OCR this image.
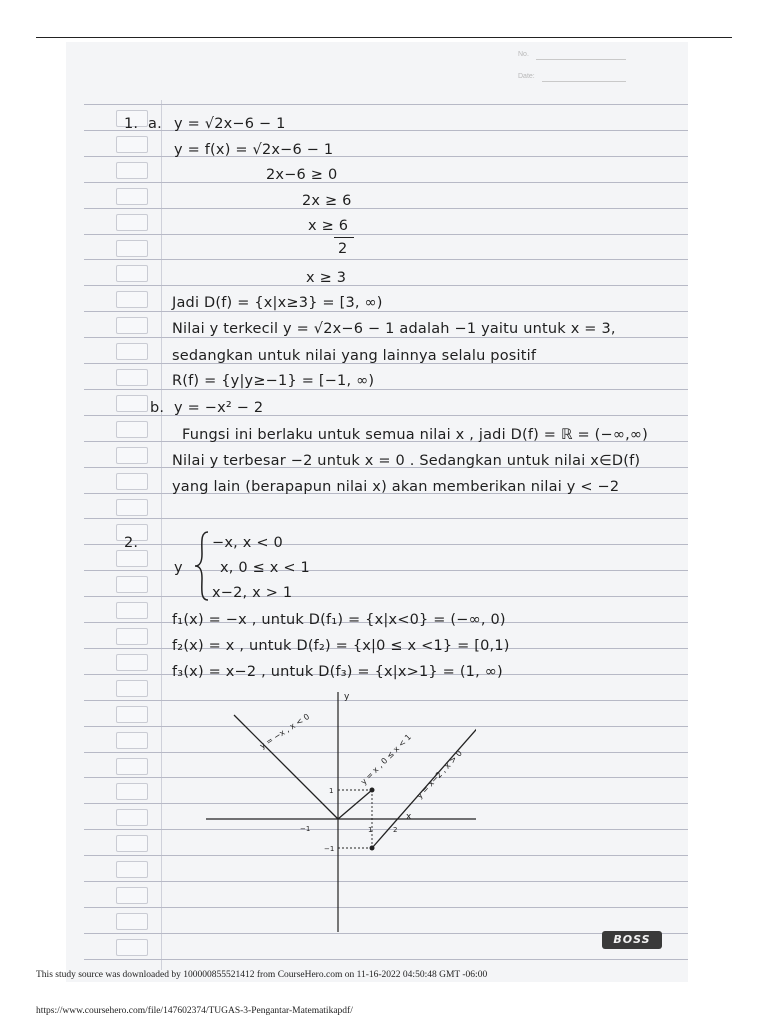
No.
Date:
1. a. y = √2x−6 − 1
y = f(x) = √2x−6 − 1
2x−6 ≥ 0
2x ≥ 6
x ≥ 6
2
x ≥ 3
Jadi D(f) = {x|x≥3} = [3, ∞)
Nilai y terkecil y = √2x−6 − 1 adalah −1 yaitu untuk x = 3,
sedangkan untuk nilai yang lainnya selalu positif
R(f) = {y|y≥−1} = [−1, ∞)
b. y = −x² − 2
Fungsi ini berlaku untuk semua nilai x , jadi D(f) = ℝ = (−∞,∞)
Nilai y terbesar −2 untuk x = 0 . Sedangkan untuk nilai x∈D(f)
yang lain (berapapun nilai x) akan memberikan nilai y < −2
2.
y
−x, x < 0
x, 0 ≤ x < 1
x−2, x > 1
f₁(x) = −x , untuk D(f₁) = {x|x<0} = (−∞, 0)
f₂(x) = x , untuk D(f₂) = {x|0 ≤ x <1} = [0,1)
f₃(x) = x−2 , untuk D(f₃) = {x|x>1} = (1, ∞)
x
y
−1	1	2
1
−1
y = −x , x < 0
y = x , 0 ≤ x < 1 y = x−2 , x > 0
BOSS
This study source was downloaded by 100000855521412 from CourseHero.com on 11-16-2022 04:50:48 GMT -06:00
https://www.coursehero.com/file/147602374/TUGAS-3-Pengantar-Matematikapdf/
